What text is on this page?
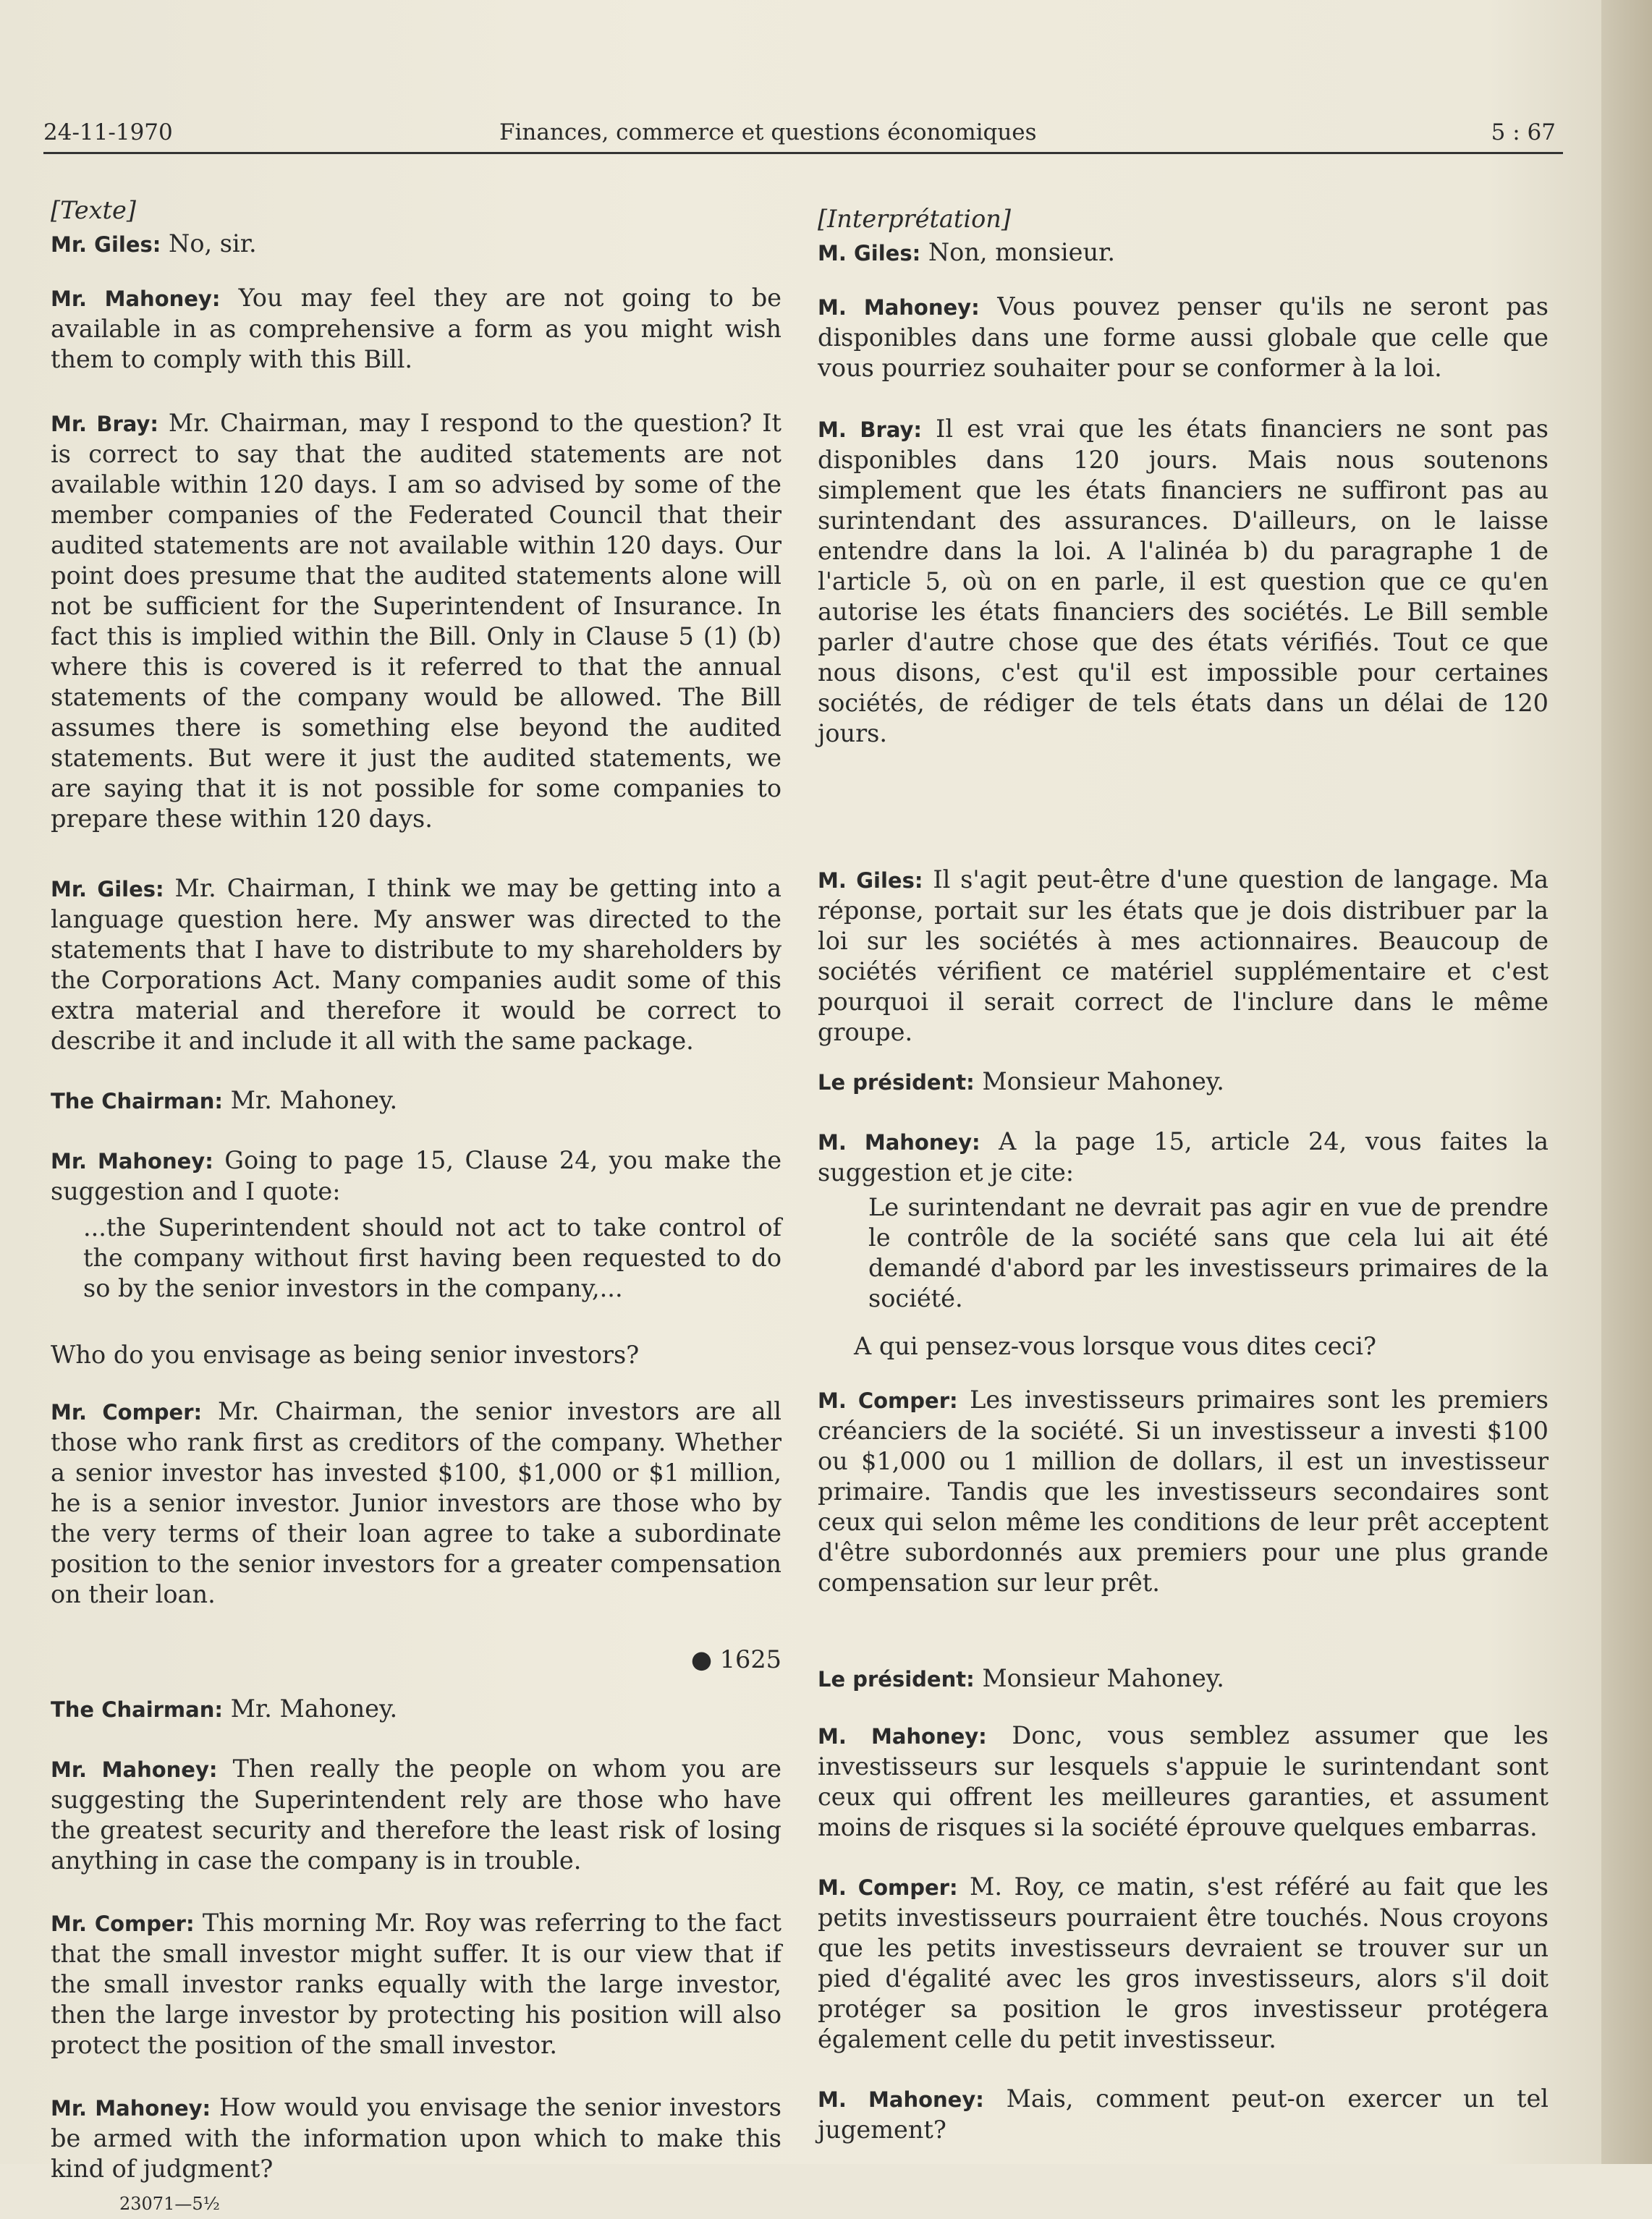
24-11-1970	Finances, commerce et questions économiques	5 : 67

[Texte]

Mr. Giles: No, sir.

Mr. Mahoney: You may feel they are not going to be available in as comprehensive a form as you might wish them to comply with this Bill.

Mr. Bray: Mr. Chairman, may I respond to the question? It is correct to say that the audited statements are not available within 120 days. I am so advised by some of the member companies of the Federated Council that their audited statements are not available within 120 days. Our point does presume that the audited statements alone will not be sufficient for the Superintendent of Insurance. In fact this is implied within the Bill. Only in Clause 5 (1) (b) where this is covered is it referred to that the annual statements of the company would be allowed. The Bill assumes there is something else beyond the audited statements. But were it just the audited statements, we are saying that it is not possible for some companies to prepare these within 120 days.

Mr. Giles: Mr. Chairman, I think we may be getting into a language question here. My answer was directed to the statements that I have to distribute to my shareholders by the Corporations Act. Many companies audit some of this extra material and therefore it would be correct to describe it and include it all with the same package.

The Chairman: Mr. Mahoney.

Mr. Mahoney: Going to page 15, Clause 24, you make the suggestion and I quote:

...the Superintendent should not act to take control of the company without first having been requested to do so by the senior investors in the company,...

Who do you envisage as being senior investors?

Mr. Comper: Mr. Chairman, the senior investors are all those who rank first as creditors of the company. Whether a senior investor has invested $100, $1,000 or $1 million, he is a senior investor. Junior investors are those who by the very terms of their loan agree to take a subordinate position to the senior investors for a greater compensation on their loan.

● 1625

The Chairman: Mr. Mahoney.

Mr. Mahoney: Then really the people on whom you are suggesting the Superintendent rely are those who have the greatest security and therefore the least risk of losing anything in case the company is in trouble.

Mr. Comper: This morning Mr. Roy was referring to the fact that the small investor might suffer. It is our view that if the small investor ranks equally with the large investor, then the large investor by protecting his position will also protect the position of the small investor.

Mr. Mahoney: How would you envisage the senior investors be armed with the information upon which to make this kind of judgment?

23071—5½

[Interprétation]

M. Giles: Non, monsieur.

M. Mahoney: Vous pouvez penser qu'ils ne seront pas disponibles dans une forme aussi globale que celle que vous pourriez souhaiter pour se conformer à la loi.

M. Bray: Il est vrai que les états financiers ne sont pas disponibles dans 120 jours. Mais nous soutenons simplement que les états financiers ne suffiront pas au surintendant des assurances. D'ailleurs, on le laisse entendre dans la loi. A l'alinéa b) du paragraphe 1 de l'article 5, où on en parle, il est question que ce qu'en autorise les états financiers des sociétés. Le Bill semble parler d'autre chose que des états vérifiés. Tout ce que nous disons, c'est qu'il est impossible pour certaines sociétés, de rédiger de tels états dans un délai de 120 jours.

M. Giles: Il s'agit peut-être d'une question de langage. Ma réponse, portait sur les états que je dois distribuer par la loi sur les sociétés à mes actionnaires. Beaucoup de sociétés vérifient ce matériel supplémentaire et c'est pourquoi il serait correct de l'inclure dans le même groupe.

Le président: Monsieur Mahoney.

M. Mahoney: A la page 15, article 24, vous faites la suggestion et je cite:

Le surintendant ne devrait pas agir en vue de prendre le contrôle de la société sans que cela lui ait été demandé d'abord par les investisseurs primaires de la société.

A qui pensez-vous lorsque vous dites ceci?

M. Comper: Les investisseurs primaires sont les premiers créanciers de la société. Si un investisseur a investi $100 ou $1,000 ou 1 million de dollars, il est un investisseur primaire. Tandis que les investisseurs secondaires sont ceux qui selon même les conditions de leur prêt acceptent d'être subordonnés aux premiers pour une plus grande compensation sur leur prêt.

Le président: Monsieur Mahoney.

M. Mahoney: Donc, vous semblez assumer que les investisseurs sur lesquels s'appuie le surintendant sont ceux qui offrent les meilleures garanties, et assument moins de risques si la société éprouve quelques embarras.

M. Comper: M. Roy, ce matin, s'est référé au fait que les petits investisseurs pourraient être touchés. Nous croyons que les petits investisseurs devraient se trouver sur un pied d'égalité avec les gros investisseurs, alors s'il doit protéger sa position le gros investisseur protégera également celle du petit investisseur.

M. Mahoney: Mais, comment peut-on exercer un tel jugement?
